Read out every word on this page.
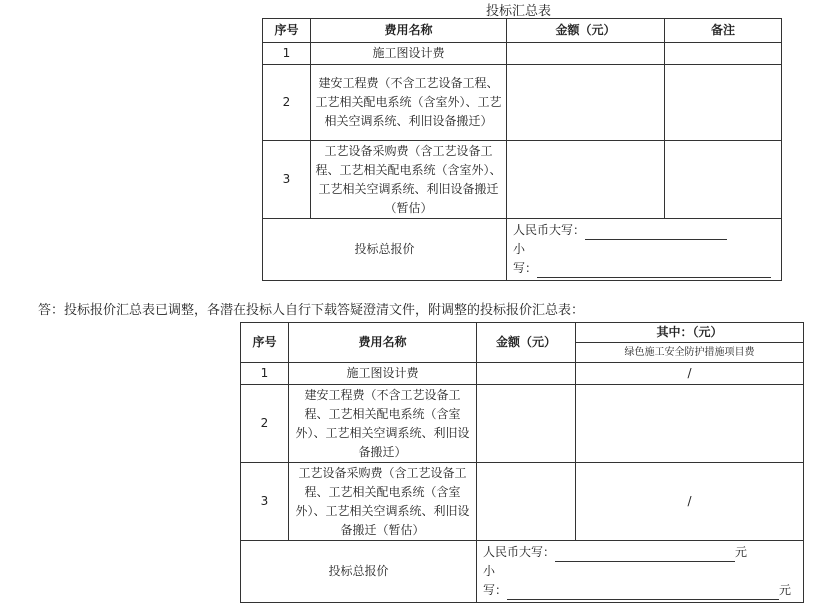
投标汇总表
序号	费用名称	金额（元）	备注
1	施工图设计费		
2	建安工程费（不含工艺设备工程、工艺相关配电系统（含室外）、工艺相关空调系统、利旧设备搬迁）		
3	工艺设备采购费（含工艺设备工程、工艺相关配电系统（含室外）、工艺相关空调系统、利旧设备搬迁（暂估）		
投标总报价		人民币大写：
小
写：	
答：投标报价汇总表已调整，各潜在投标人自行下载答疑澄清文件，附调整的投标报价汇总表：
序号	费用名称	金额（元）	其中：（元）
			绿色施工安全防护措施项目费
1	施工图设计费		/
2	建安工程费（不含工艺设备工程、工艺相关配电系统（含室外）、工艺相关空调系统、利旧设备搬迁）		
3	工艺设备采购费（含工艺设备工程、工艺相关配电系统（含室外）、工艺相关空调系统、利旧设备搬迁（暂估）		/
投标总报价		人民币大写： 元
小
写： 元	
